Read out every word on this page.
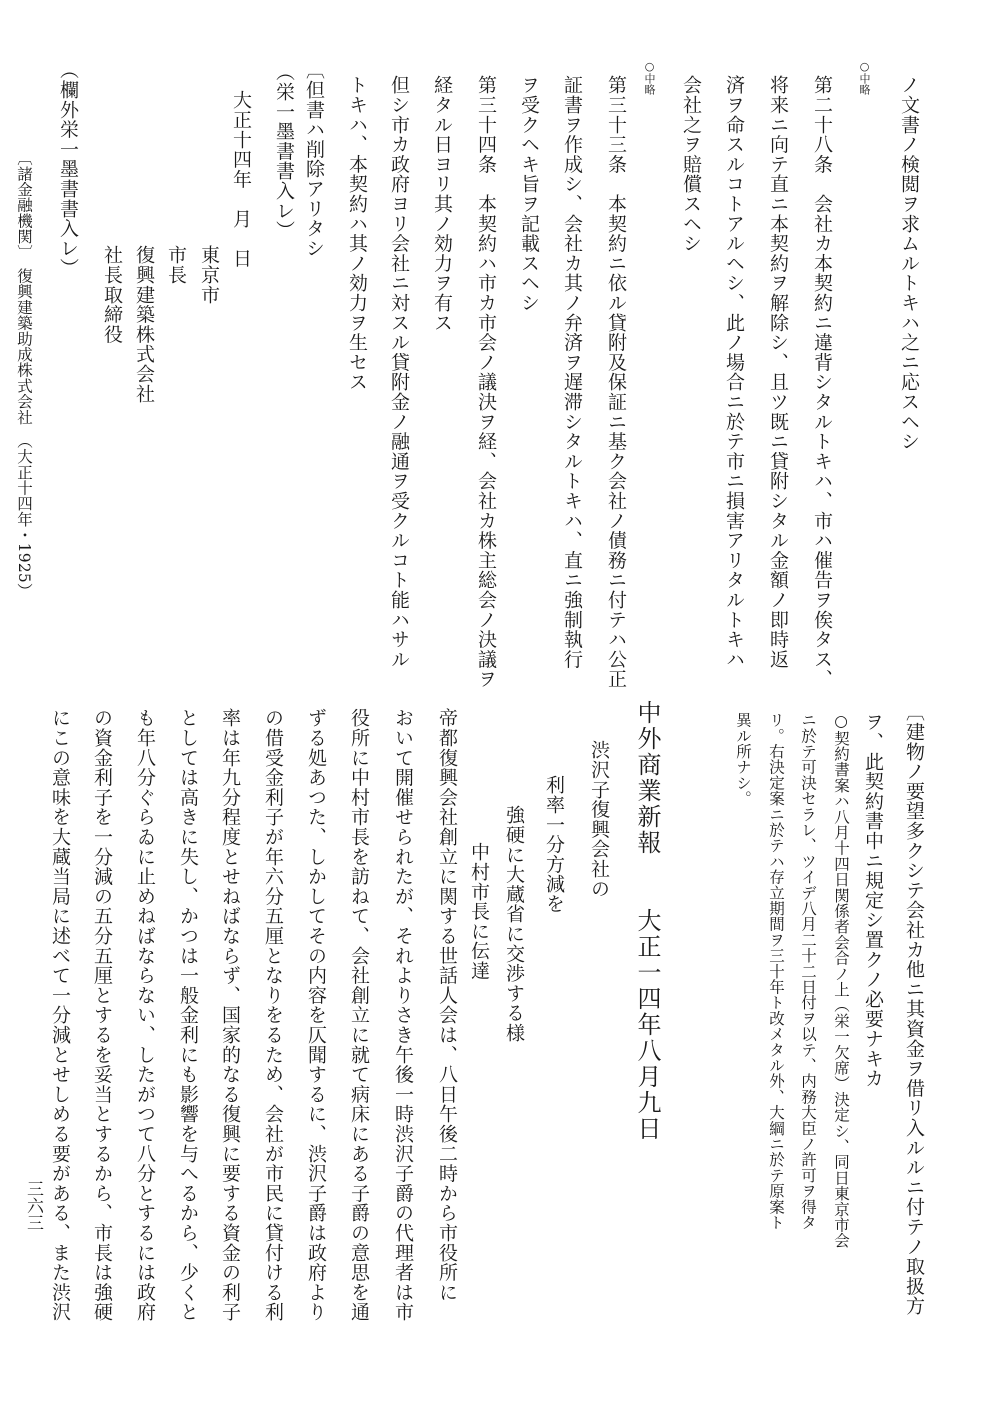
ノ文書ノ検閲ヲ求ムルトキハ之ニ応スヘシ
○中略
第二十八条　会社カ本契約ニ違背シタルトキハ、市ハ催告ヲ俟タス、
将来ニ向テ直ニ本契約ヲ解除シ、且ツ既ニ貸附シタル金額ノ即時返
済ヲ命スルコトアルヘシ、此ノ場合ニ於テ市ニ損害アリタルトキハ
会社之ヲ賠償スヘシ
○中略
第三十三条　本契約ニ依ル貸附及保証ニ基ク会社ノ債務ニ付テハ公正
証書ヲ作成シ、会社カ其ノ弁済ヲ遅滞シタルトキハ、直ニ強制執行
ヲ受クヘキ旨ヲ記載スヘシ
第三十四条　本契約ハ市カ市会ノ議決ヲ経、会社カ株主総会ノ決議ヲ
経タル日ヨリ其ノ効力ヲ有ス
但シ市カ政府ヨリ会社ニ対スル貸附金ノ融通ヲ受クルコト能ハサル
トキハ、本契約ハ其ノ効力ヲ生セス
〔但書ハ削除アリタシ
（栄一墨書書入レ）
大正十四年　月　日
東京市
市長
復興建築株式会社
社長取締役
（欄外栄一墨書書入レ）
〔諸金融機関〕　復興建築助成株式会社　（大正十四年・1925）
〔建物ノ要望多クシテ会社カ他ニ其資金ヲ借リ入ルルニ付テノ取扱方
ヲ、此契約書中ニ規定シ置クノ必要ナキカ
○契約書案ハ八月十四日関係者会合ノ上（栄一欠席）決定シ、同日東京市会
ニ於テ可決セラレ、ツイデ八月二十二日付ヲ以テ、内務大臣ノ許可ヲ得タ
リ。右決定案ニ於テハ存立期間ヲ三十年ト改メタル外、大綱ニ於テ原案ト
異ル所ナシ。
中外商業新報　　大正一四年八月九日
渋沢子復興会社の
利率一分方減を
強硬に大蔵省に交渉する様
中村市長に伝達
帝都復興会社創立に関する世話人会は、八日午後二時から市役所に
おいて開催せられたが、それよりさき午後一時渋沢子爵の代理者は市
役所に中村市長を訪ねて、会社創立に就て病床にある子爵の意思を通
ずる処あつた、しかしてその内容を仄聞するに、渋沢子爵は政府より
の借受金利子が年六分五厘となりをるため、会社が市民に貸付ける利
率は年九分程度とせねばならず、国家的なる復興に要する資金の利子
としては高きに失し、かつは一般金利にも影響を与へるから、少くと
も年八分ぐらゐに止めねばならない、したがつて八分とするには政府
の資金利子を一分減の五分五厘とするを妥当とするから、市長は強硬
にこの意味を大蔵当局に述べて一分減とせしめる要がある、また渋沢
三六三
